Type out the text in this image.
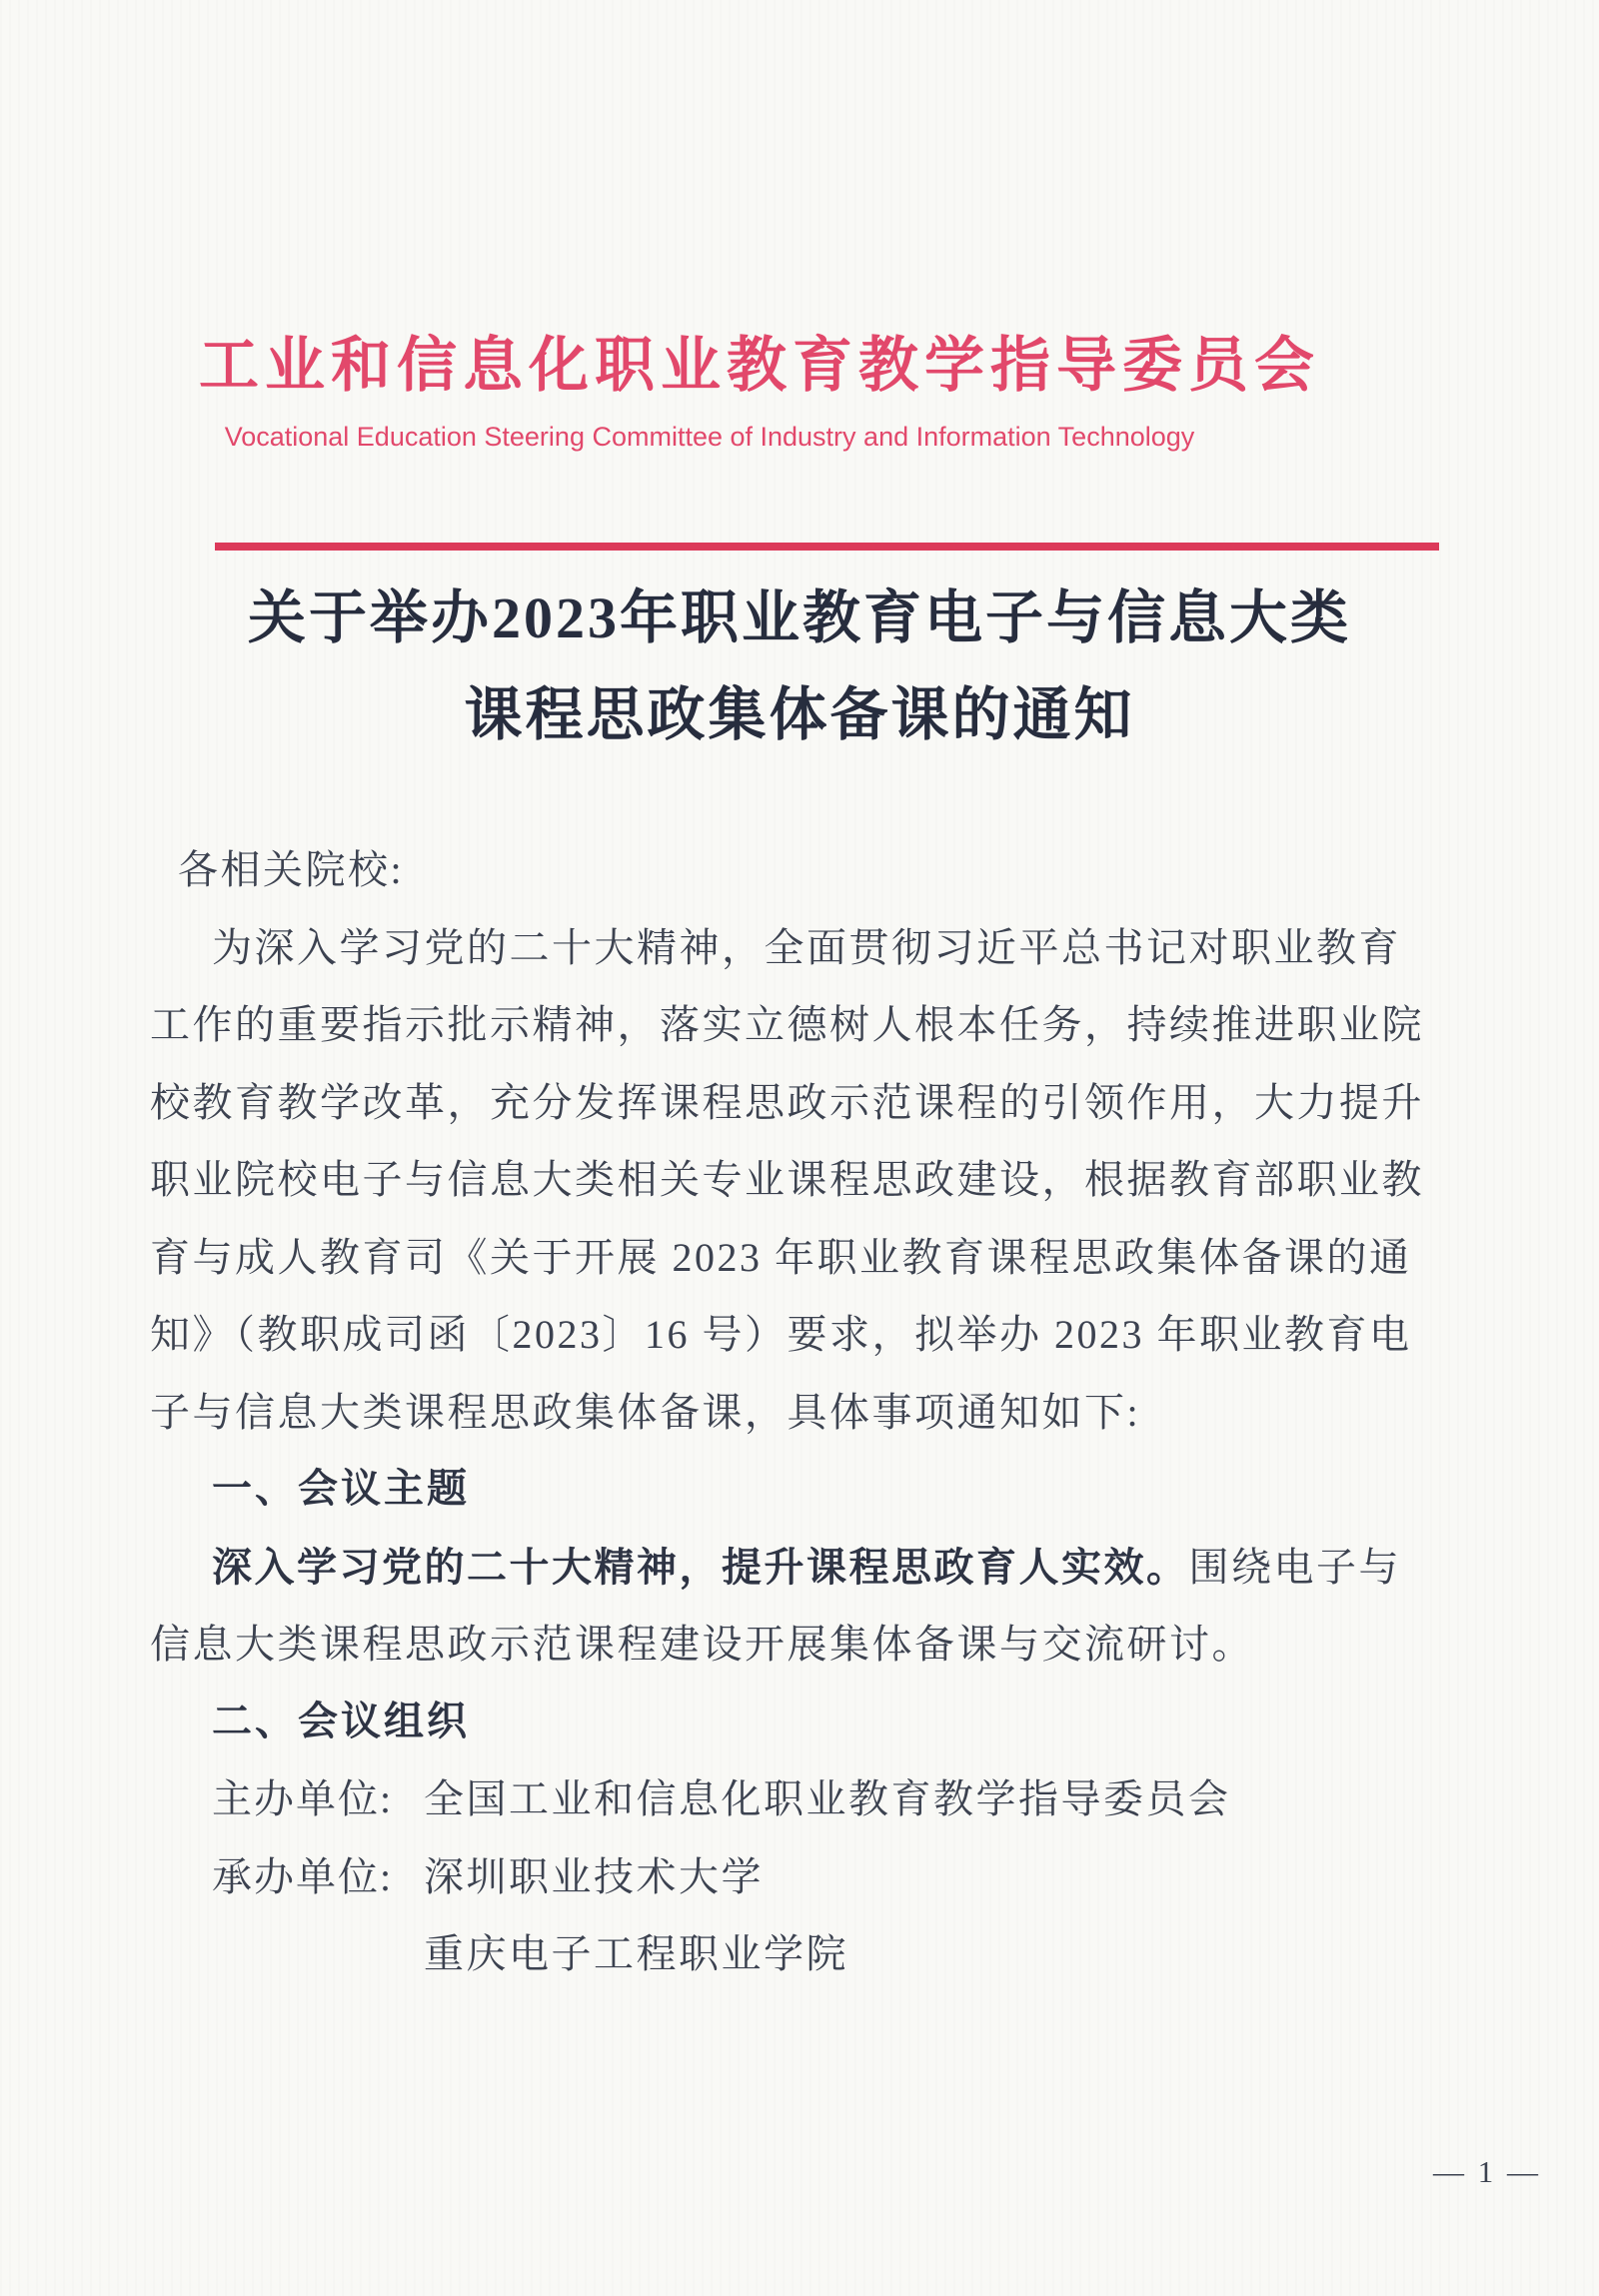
工业和信息化职业教育教学指导委员会
Vocational Education Steering Committee of Industry and Information Technology
关于举办2023年职业教育电子与信息大类
课程思政集体备课的通知
各相关院校:
为深入学习党的二十大精神，全面贯彻习近平总书记对职业教育
工作的重要指示批示精神，落实立德树人根本任务，持续推进职业院
校教育教学改革，充分发挥课程思政示范课程的引领作用，大力提升
职业院校电子与信息大类相关专业课程思政建设，根据教育部职业教
育与成人教育司《关于开展 2023 年职业教育课程思政集体备课的通
知》（教职成司函〔2023〕16 号）要求，拟举办 2023 年职业教育电
子与信息大类课程思政集体备课，具体事项通知如下:
一、会议主题
深入学习党的二十大精神，提升课程思政育人实效。围绕电子与
信息大类课程思政示范课程建设开展集体备课与交流研讨。
二、会议组织
主办单位: 全国工业和信息化职业教育教学指导委员会
承办单位: 深圳职业技术大学
重庆电子工程职业学院
— 1 —
